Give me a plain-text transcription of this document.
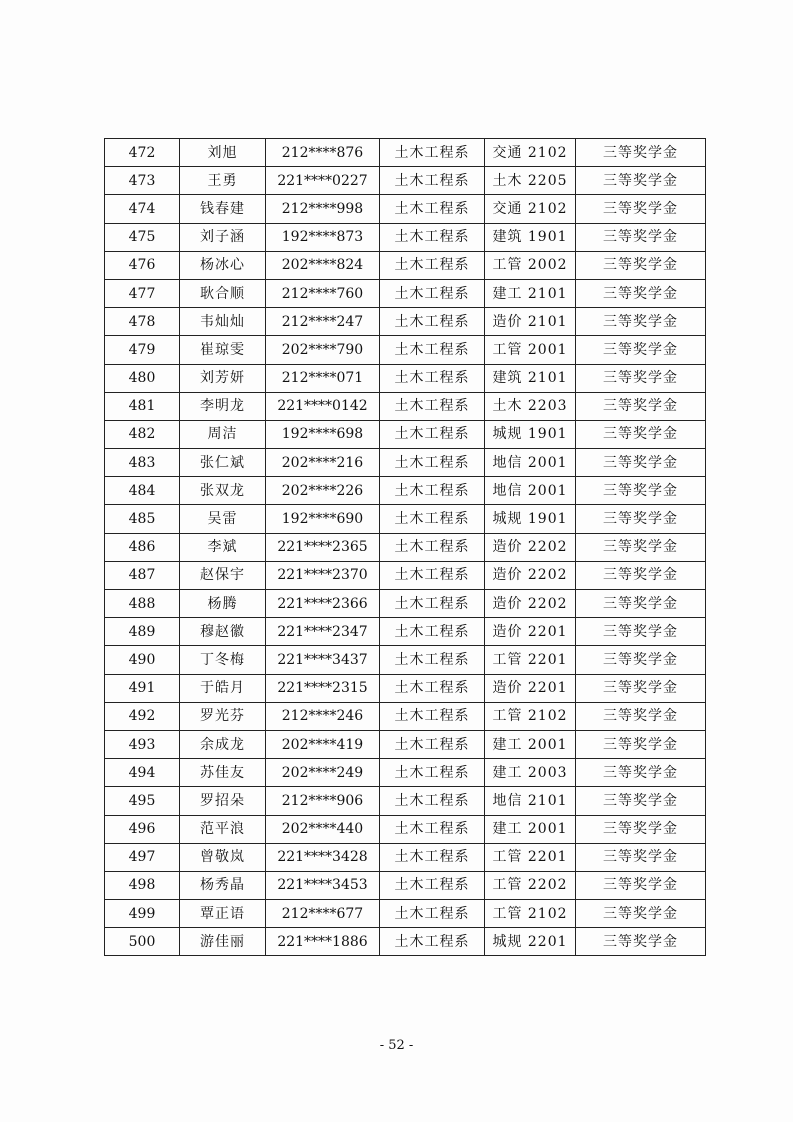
472	刘旭	212****876	土木工程系	交通 2102	三等奖学金
473	王勇	221****0227	土木工程系	土木 2205	三等奖学金
474	钱春建	212****998	土木工程系	交通 2102	三等奖学金
475	刘子涵	192****873	土木工程系	建筑 1901	三等奖学金
476	杨冰心	202****824	土木工程系	工管 2002	三等奖学金
477	耿合顺	212****760	土木工程系	建工 2101	三等奖学金
478	韦灿灿	212****247	土木工程系	造价 2101	三等奖学金
479	崔琼雯	202****790	土木工程系	工管 2001	三等奖学金
480	刘芳妍	212****071	土木工程系	建筑 2101	三等奖学金
481	李明龙	221****0142	土木工程系	土木 2203	三等奖学金
482	周洁	192****698	土木工程系	城规 1901	三等奖学金
483	张仁斌	202****216	土木工程系	地信 2001	三等奖学金
484	张双龙	202****226	土木工程系	地信 2001	三等奖学金
485	吴雷	192****690	土木工程系	城规 1901	三等奖学金
486	李斌	221****2365	土木工程系	造价 2202	三等奖学金
487	赵保宇	221****2370	土木工程系	造价 2202	三等奖学金
488	杨腾	221****2366	土木工程系	造价 2202	三等奖学金
489	穆赵徽	221****2347	土木工程系	造价 2201	三等奖学金
490	丁冬梅	221****3437	土木工程系	工管 2201	三等奖学金
491	于皓月	221****2315	土木工程系	造价 2201	三等奖学金
492	罗光芬	212****246	土木工程系	工管 2102	三等奖学金
493	余成龙	202****419	土木工程系	建工 2001	三等奖学金
494	苏佳友	202****249	土木工程系	建工 2003	三等奖学金
495	罗招朵	212****906	土木工程系	地信 2101	三等奖学金
496	范平浪	202****440	土木工程系	建工 2001	三等奖学金
497	曾敬岚	221****3428	土木工程系	工管 2201	三等奖学金
498	杨秀晶	221****3453	土木工程系	工管 2202	三等奖学金
499	覃正语	212****677	土木工程系	工管 2102	三等奖学金
500	游佳丽	221****1886	土木工程系	城规 2201	三等奖学金
- 52 -
